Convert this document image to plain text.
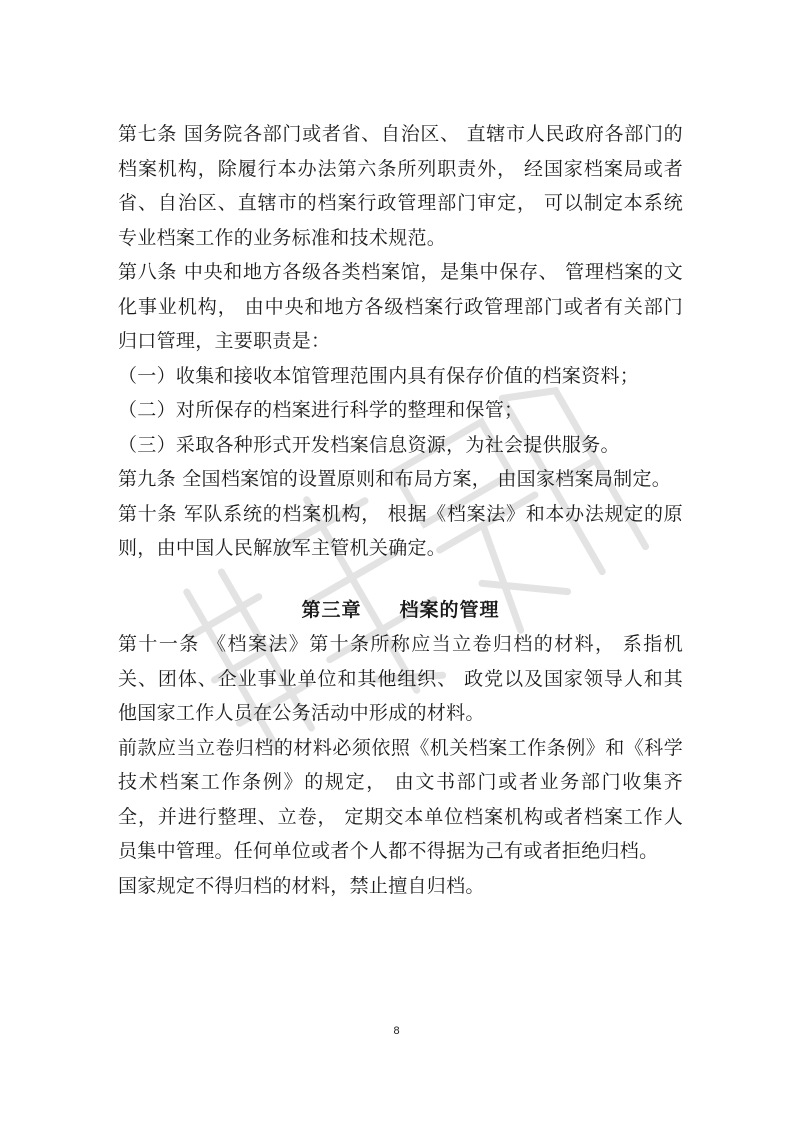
第七条 国务院各部门或者省、自治区、 直辖市人民政府各部门的档案机构，除履行本办法第六条所列职责外， 经国家档案局或者省、自治区、直辖市的档案行政管理部门审定， 可以制定本系统专业档案工作的业务标准和技术规范。

第八条 中央和地方各级各类档案馆，是集中保存、 管理档案的文化事业机构， 由中央和地方各级档案行政管理部门或者有关部门归口管理，主要职责是：

（一）收集和接收本馆管理范围内具有保存价值的档案资料；

（二）对所保存的档案进行科学的整理和保管；

（三）采取各种形式开发档案信息资源，为社会提供服务。

第九条 全国档案馆的设置原则和布局方案， 由国家档案局制定。

第十条 军队系统的档案机构， 根据《档案法》和本办法规定的原则，由中国人民解放军主管机关确定。

第三章 档案的管理

第十一条 《档案法》第十条所称应当立卷归档的材料， 系指机关、团体、企业事业单位和其他组织、 政党以及国家领导人和其他国家工作人员在公务活动中形成的材料。

前款应当立卷归档的材料必须依照《机关档案工作条例》和《科学技术档案工作条例》的规定， 由文书部门或者业务部门收集齐全，并进行整理、立卷， 定期交本单位档案机构或者档案工作人员集中管理。任何单位或者个人都不得据为己有或者拒绝归档。

国家规定不得归档的材料，禁止擅自归档。

8
